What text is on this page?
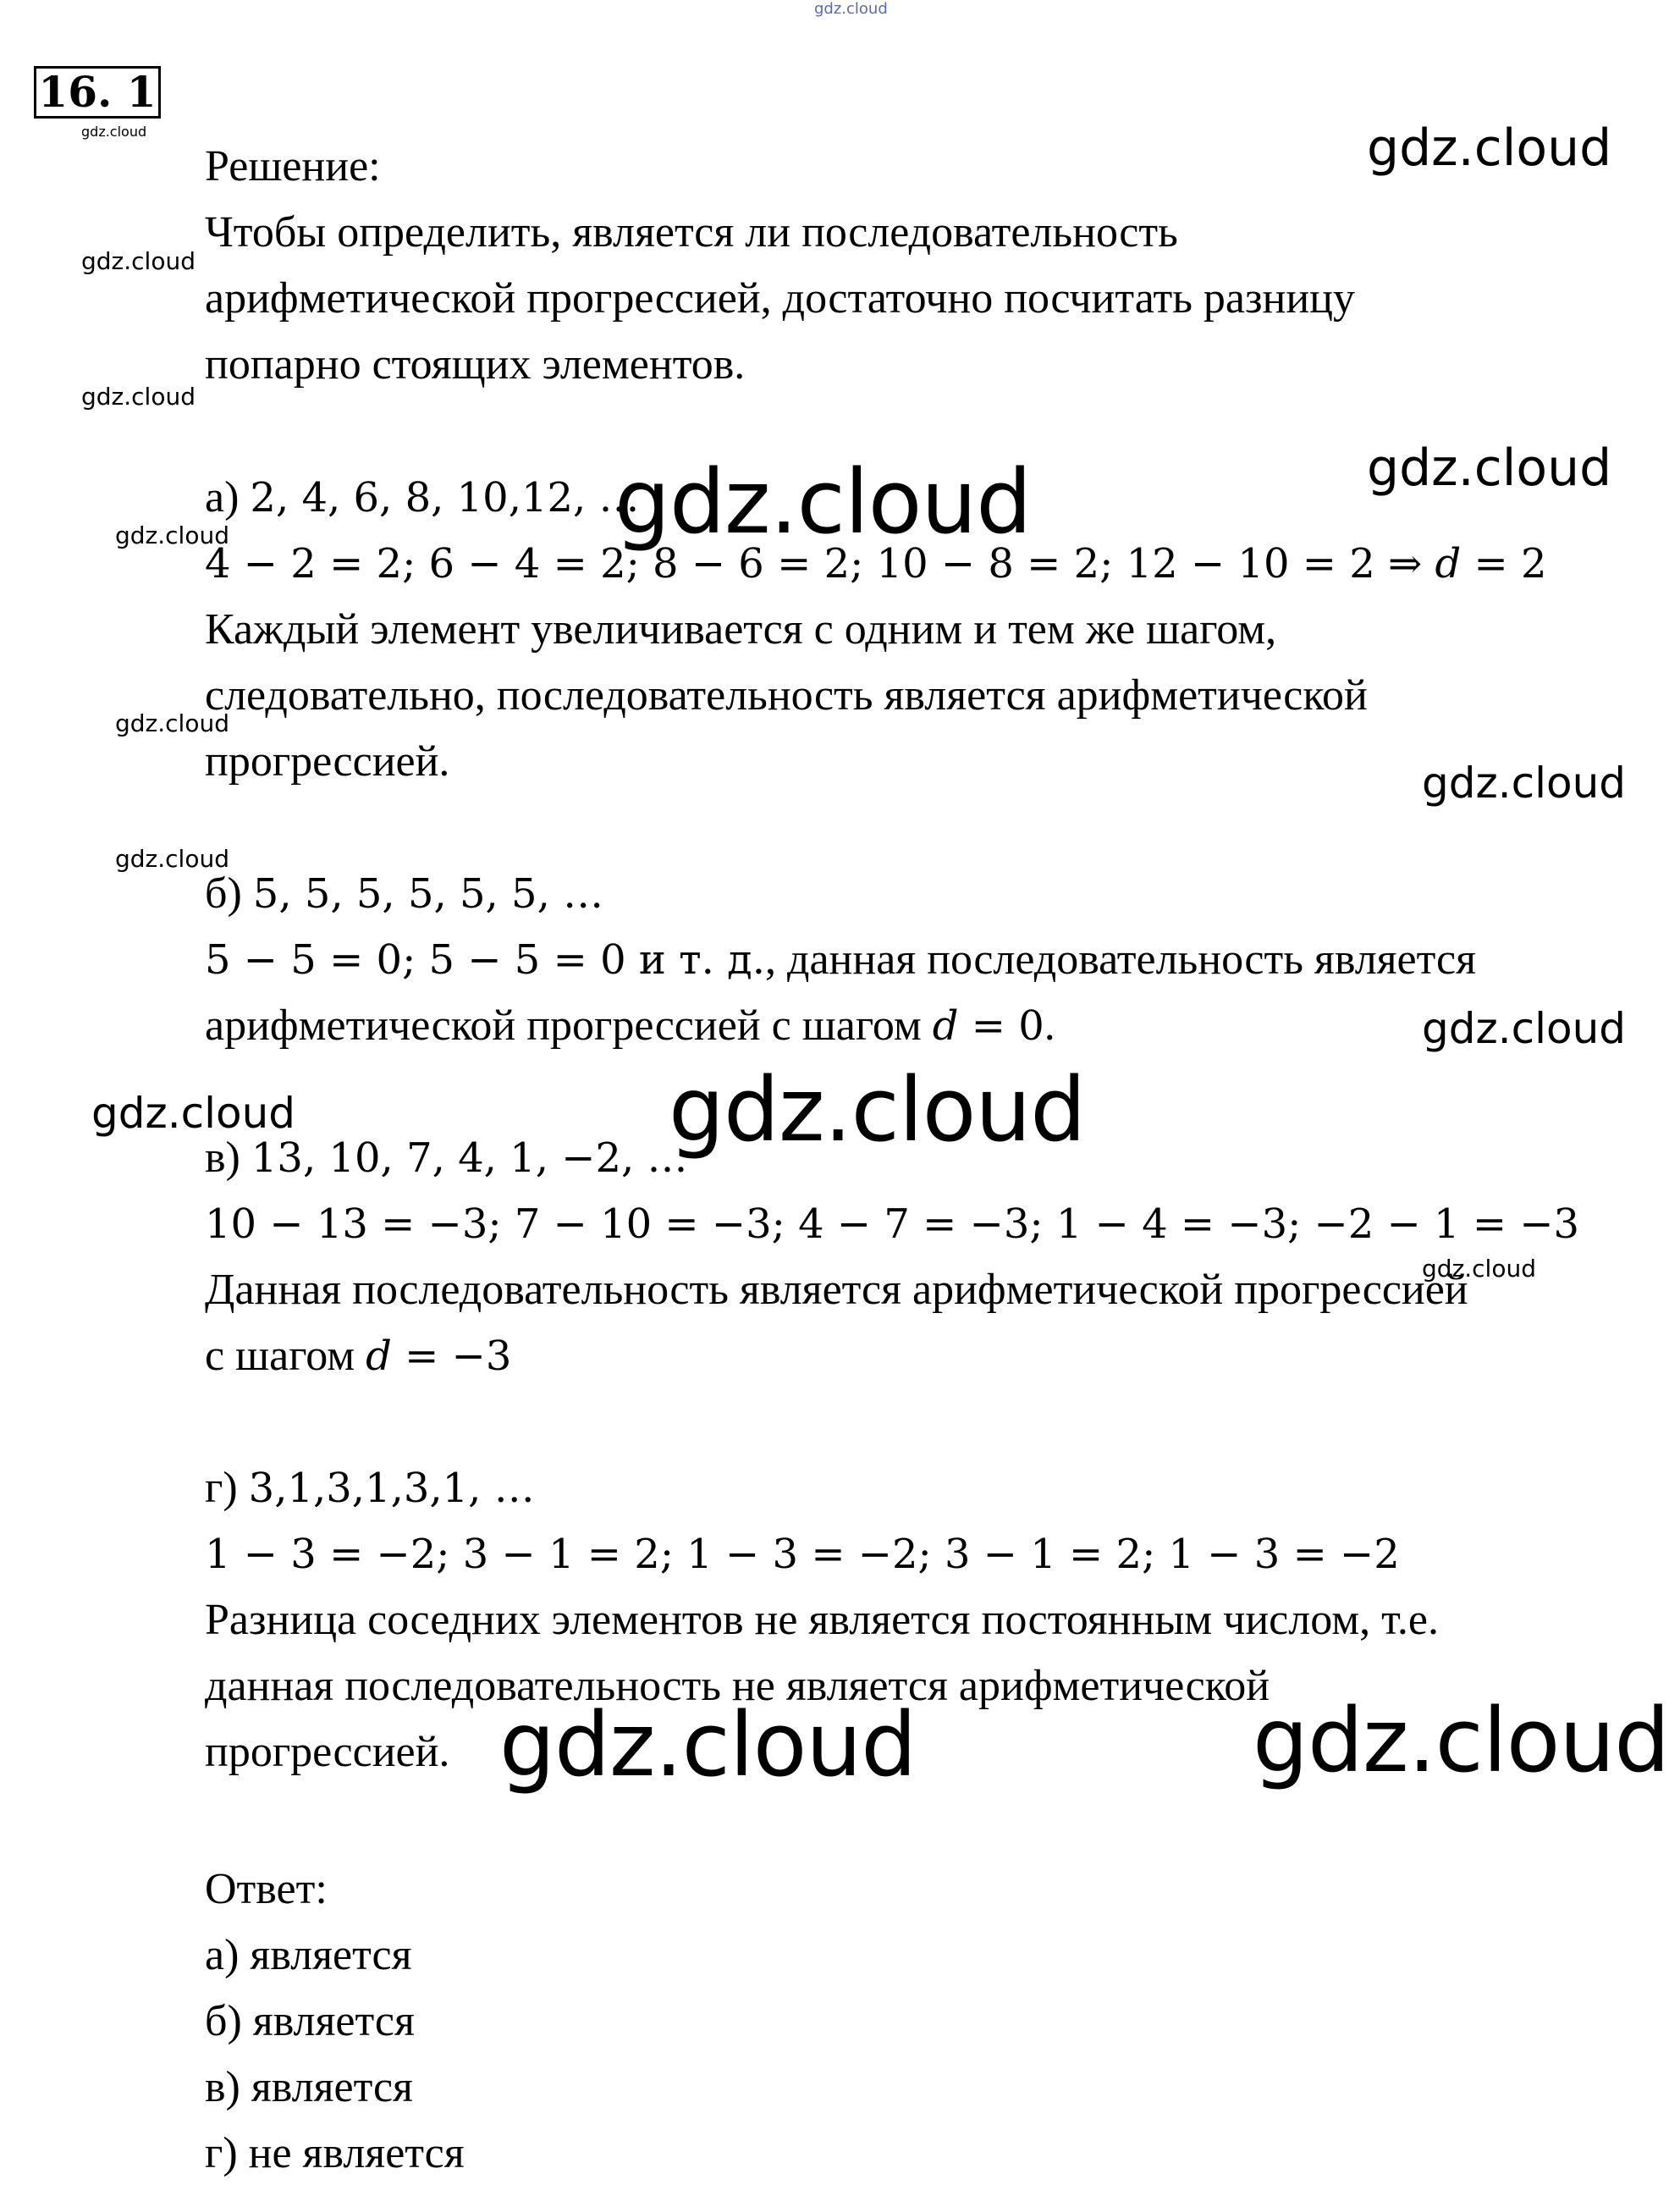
gdz.cloud
16. 1
gdz.cloud
Решение:
Чтобы определить, является ли последовательность
арифметической прогрессией, достаточно посчитать разницу
попарно стоящих элементов.
а) 2, 4, 6, 8, 10,12, …
4 − 2 = 2; 6 − 4 = 2; 8 − 6 = 2; 10 − 8 = 2; 12 − 10 = 2 ⇒ d = 2
Каждый элемент увеличивается с одним и тем же шагом,
следовательно, последовательность является арифметической
прогрессией.
б) 5, 5, 5, 5, 5, 5, …
5 − 5 = 0; 5 − 5 = 0 и т. д., данная последовательность является
арифметической прогрессией с шагом d = 0.
в) 13, 10, 7, 4, 1, −2, …
10 − 13 = −3; 7 − 10 = −3; 4 − 7 = −3; 1 − 4 = −3; −2 − 1 = −3
Данная последовательность является арифметической прогрессией
с шагом d = −3
г) 3,1,3,1,3,1, …
1 − 3 = −2; 3 − 1 = 2; 1 − 3 = −2; 3 − 1 = 2; 1 − 3 = −2
Разница соседних элементов не является постоянным числом, т.е.
данная последовательность не является арифметической
прогрессией.
Ответ:
а) является
б) является
в) является
г) не является
gdz.cloud
gdz.cloud
gdz.cloud
gdz.cloud
gdz.cloud
gdz.cloud
gdz.cloud
gdz.cloud
gdz.cloud
gdz.cloud
gdz.cloud	gdz.cloud
gdz.cloud
gdz.cloud	gdz.cloud
